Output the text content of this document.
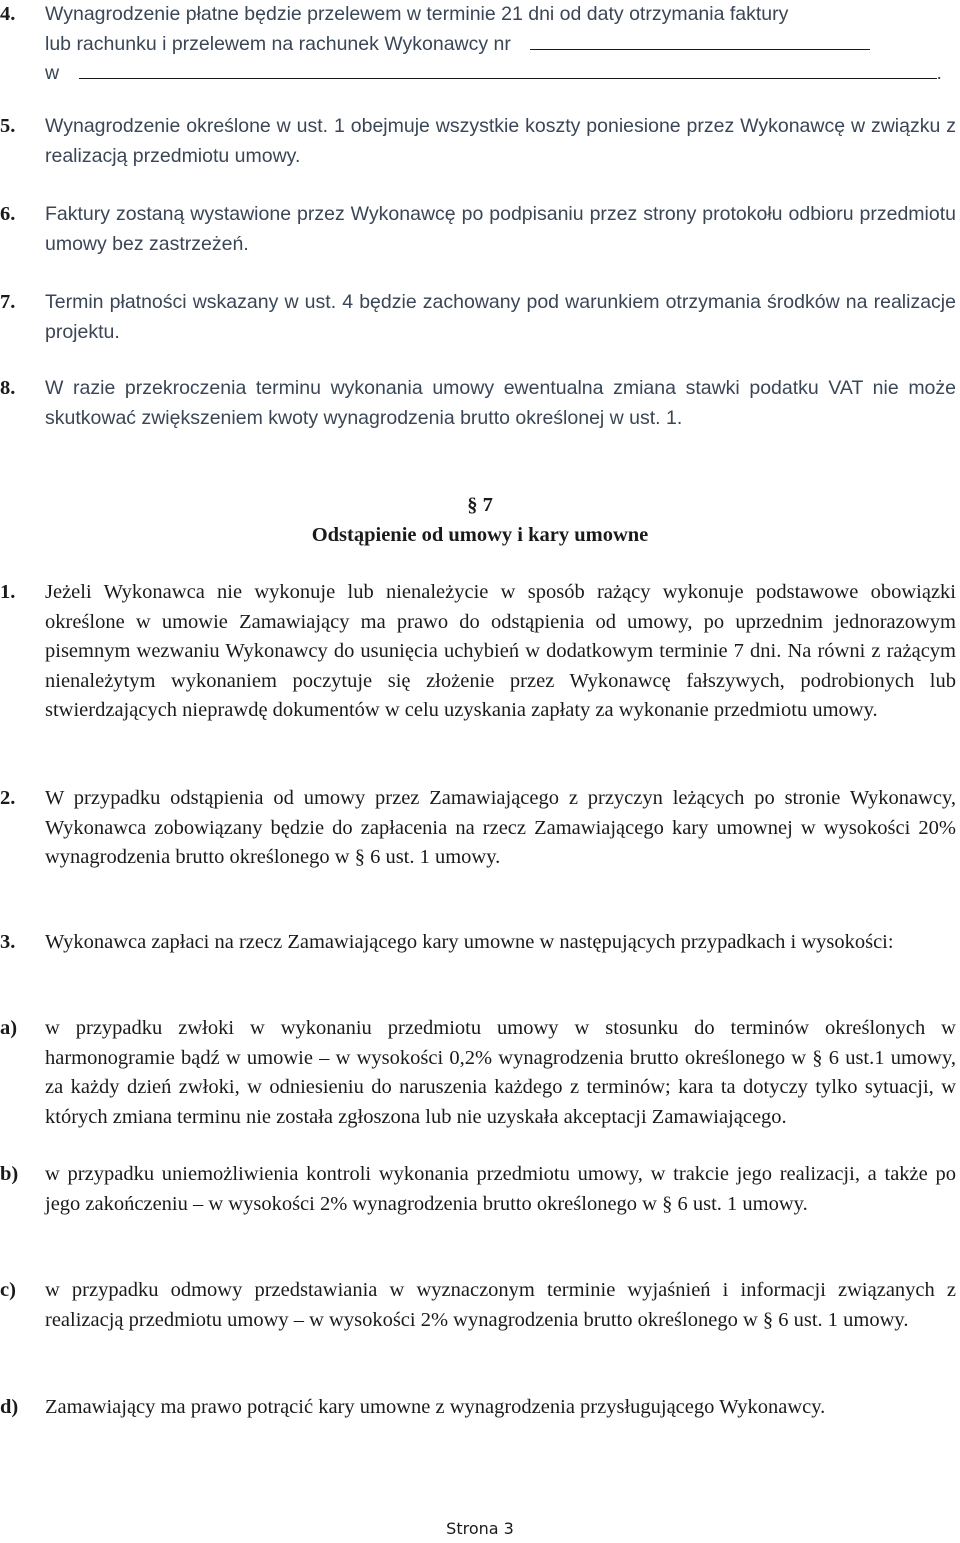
4.	Wynagrodzenie płatne będzie przelewem w terminie 21 dni od daty otrzymania faktury
lub rachunku i przelewem na rachunek Wykonawcy nr
w	.
5.	Wynagrodzenie określone w ust. 1 obejmuje wszystkie koszty poniesione przez Wykonawcę w związku z realizacją przedmiotu umowy.
6.	Faktury zostaną wystawione przez Wykonawcę po podpisaniu przez strony protokołu odbioru przedmiotu umowy bez zastrzeżeń.
7.	Termin płatności wskazany w ust. 4 będzie zachowany pod warunkiem otrzymania środków na realizacje projektu.
8.	W razie przekroczenia terminu wykonania umowy ewentualna zmiana stawki podatku VAT nie może skutkować zwiększeniem kwoty wynagrodzenia brutto określonej w ust. 1.
§ 7
Odstąpienie od umowy i kary umowne
1.	Jeżeli Wykonawca nie wykonuje lub nienależycie w sposób rażący wykonuje podstawowe obowiązki określone w umowie Zamawiający ma prawo do odstąpienia od umowy, po uprzednim jednorazowym pisemnym wezwaniu Wykonawcy do usunięcia uchybień w dodatkowym terminie 7 dni. Na równi z rażącym nienależytym wykonaniem poczytuje się złożenie przez Wykonawcę fałszywych, podrobionych lub stwierdzających nieprawdę dokumentów w celu uzyskania zapłaty za wykonanie przedmiotu umowy.
2.	W przypadku odstąpienia od umowy przez Zamawiającego z przyczyn leżących po stronie Wykonawcy, Wykonawca zobowiązany będzie do zapłacenia na rzecz Zamawiającego kary umownej w wysokości 20% wynagrodzenia brutto określonego w § 6 ust. 1 umowy.
3.	Wykonawca zapłaci na rzecz Zamawiającego kary umowne w następujących przypadkach i wysokości:
a)	w przypadku zwłoki w wykonaniu przedmiotu umowy w stosunku do terminów określonych w harmonogramie bądź w umowie – w wysokości 0,2% wynagrodzenia brutto określonego w § 6 ust.1 umowy, za każdy dzień zwłoki, w odniesieniu do naruszenia każdego z terminów; kara ta dotyczy tylko sytuacji, w których zmiana terminu nie została zgłoszona lub nie uzyskała akceptacji Zamawiającego.
b)	w przypadku uniemożliwienia kontroli wykonania przedmiotu umowy, w trakcie jego realizacji, a także po jego zakończeniu – w wysokości 2% wynagrodzenia brutto określonego w § 6 ust. 1 umowy.
c)	w przypadku odmowy przedstawiania w wyznaczonym terminie wyjaśnień i informacji związanych z realizacją przedmiotu umowy – w wysokości 2% wynagrodzenia brutto określonego w § 6 ust. 1 umowy.
d)	Zamawiający ma prawo potrącić kary umowne z wynagrodzenia przysługującego Wykonawcy.
Strona 3
